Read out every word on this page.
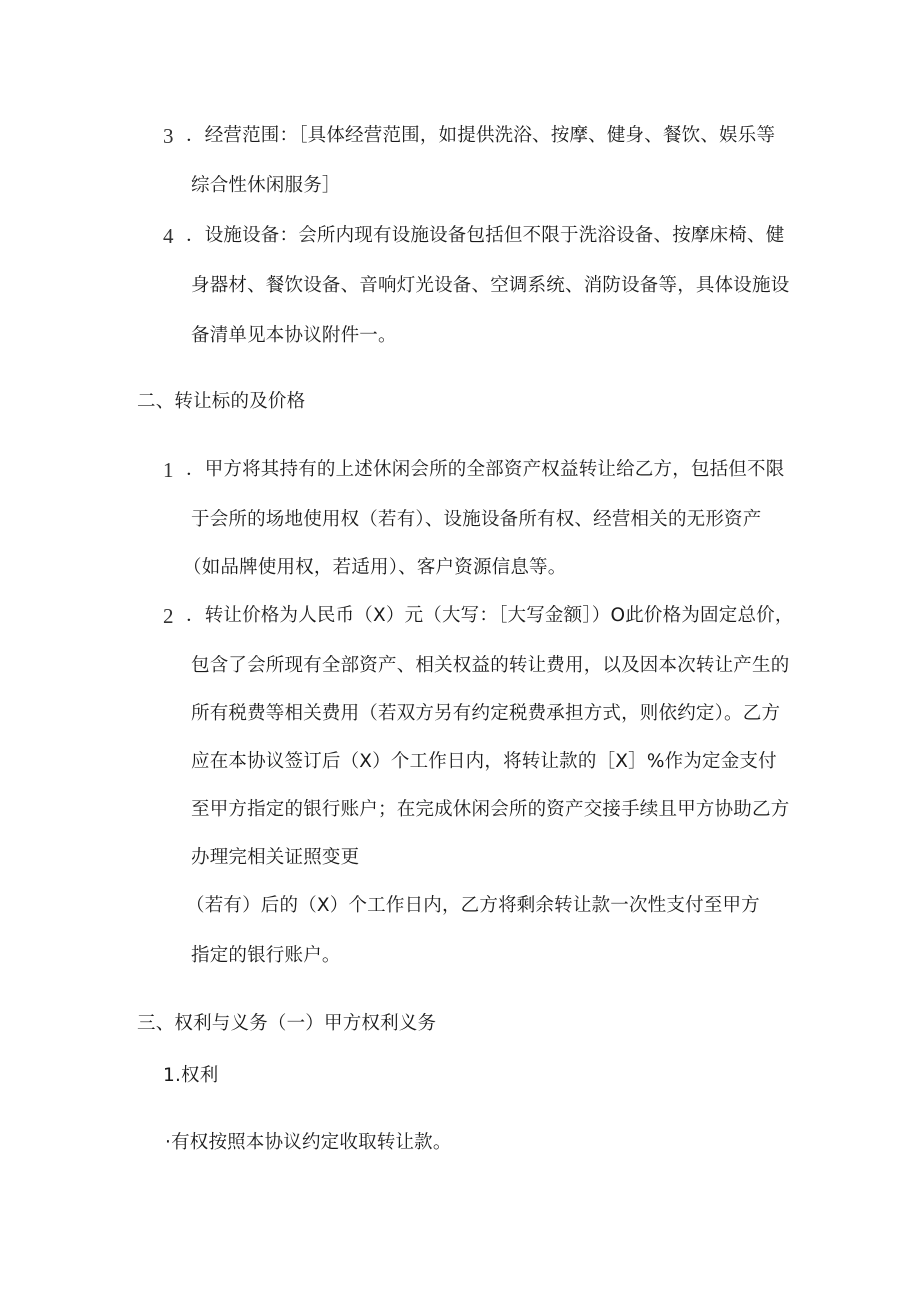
3 ．经营范围：［具体经营范围，如提供洗浴、按摩、健身、餐饮、娱乐等
综合性休闲服务］
4 ．设施设备：会所内现有设施设备包括但不限于洗浴设备、按摩床椅、健
身器材、餐饮设备、音响灯光设备、空调系统、消防设备等，具体设施设
备清单见本协议附件一。
二、转让标的及价格
1 ．甲方将其持有的上述休闲会所的全部资产权益转让给乙方，包括但不限
于会所的场地使用权（若有）、设施设备所有权、经营相关的无形资产
（如品牌使用权，若适用）、客户资源信息等。
2 ．转让价格为人民币（X）元（大写：［大写金额］）O此价格为固定总价，
包含了会所现有全部资产、相关权益的转让费用，以及因本次转让产生的
所有税费等相关费用（若双方另有约定税费承担方式，则依约定）。乙方
应在本协议签订后（X）个工作日内，将转让款的［X］%作为定金支付
至甲方指定的银行账户；在完成休闲会所的资产交接手续且甲方协助乙方
办理完相关证照变更
（若有）后的（X）个工作日内，乙方将剩余转让款一次性支付至甲方
指定的银行账户。
三、权利与义务（一）甲方权利义务
1.权利
·有权按照本协议约定收取转让款。
